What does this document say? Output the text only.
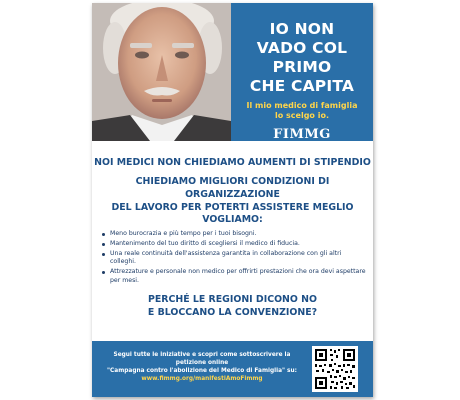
IO NON
VADO COL PRIMO
CHE CAPITA
Il mio medico di famiglia
lo scelgo io.
FIMMG
Campagna contro l'abolizione del Medico di Famiglia
www.fimmg.org/manifestiAmoFimmg
NOI MEDICI NON CHIEDIAMO AUMENTI DI STIPENDIO
CHIEDIAMO MIGLIORI CONDIZIONI DI ORGANIZZAZIONE
DEL LAVORO PER POTERTI ASSISTERE MEGLIO
VOGLIAMO:
Meno burocrazia e più tempo per i tuoi bisogni.
Mantenimento del tuo diritto di scegliersi il medico di fiducia.
Una reale continuità dell'assistenza garantita in collaborazione con gli altri colleghi.
Attrezzature e personale non medico per offrirti prestazioni che ora devi aspettare per mesi.
PERCHÉ LE REGIONI DICONO NO
E BLOCCANO LA CONVENZIONE?
Segui tutte le iniziative e scopri come sottoscrivere la petizione online
"Campagna contro l'abolizione del Medico di Famiglia" su:
www.fimmg.org/manifestiAmoFimmg
